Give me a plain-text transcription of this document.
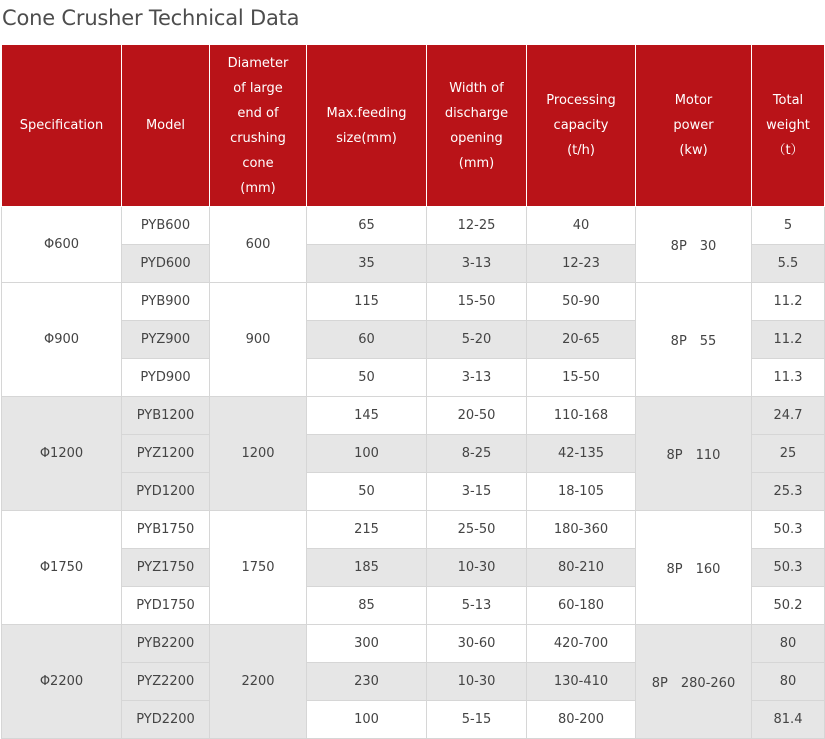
Cone Crusher Technical Data
Specification	Model	Diameter of large end of crushing cone (mm)	Max.feeding size(mm)	Width of discharge opening (mm)	Processing capacity (t/h)	Motor power (kw)	Total weight （t）
Φ600	PYB600	600	65	12-25	40	8P　30	5
	PYD600		35	3-13	12-23		5.5
Φ900	PYB900	900	115	15-50	50-90	8P　55	11.2
	PYZ900		60	5-20	20-65		11.2
	PYD900		50	3-13	15-50		11.3
Φ1200	PYB1200	1200	145	20-50	110-168	8P　110	24.7
	PYZ1200		100	8-25	42-135		25
	PYD1200		50	3-15	18-105		25.3
Φ1750	PYB1750	1750	215	25-50	180-360	8P　160	50.3
	PYZ1750		185	10-30	80-210		50.3
	PYD1750		85	5-13	60-180		50.2
Φ2200	PYB2200	2200	300	30-60	420-700	8P　280-260	80
	PYZ2200		230	10-30	130-410		80
	PYD2200		100	5-15	80-200		81.4
